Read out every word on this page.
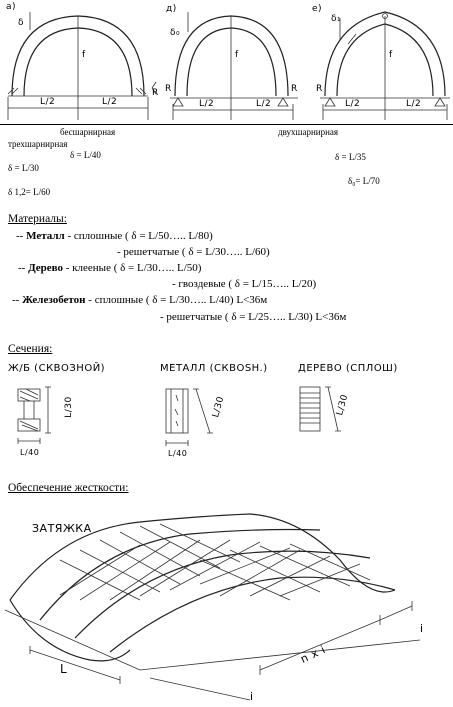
а)	д)	е)
δ
f
L/2	L/2
R
δ₀
f
R
L/2	L/2
R
δ₁
f
R
L/2	L/2
бесшарнирная	двухшарнирная
трехшарнирная
δ = L/40	δ = L/35
δ = L/30
δ₀= L/70
δ 1,2= L/60
Материалы:
-- Металл - сплошные ( δ = L/50….. L/80)
- решетчатые ( δ = L/30….. L/60)
-- Дерево - клееные ( δ = L/30….. L/50)
- гвоздевые ( δ = L/15….. L/20)
-- Железобетон - сплошные ( δ = L/30….. L/40) L<36м
- решетчатые ( δ = L/25….. L/30) L<36м
Сечения:
Ж/Б (СКВОЗНОЙ)	МЕТАЛЛ (СКВОSH.)	ДЕРЕВО (СПЛОШ)
L/30
L/40
L/30
L/40
L/30
Обеспечение жесткости:
ЗАТЯЖКА
L
n x i
i
i
